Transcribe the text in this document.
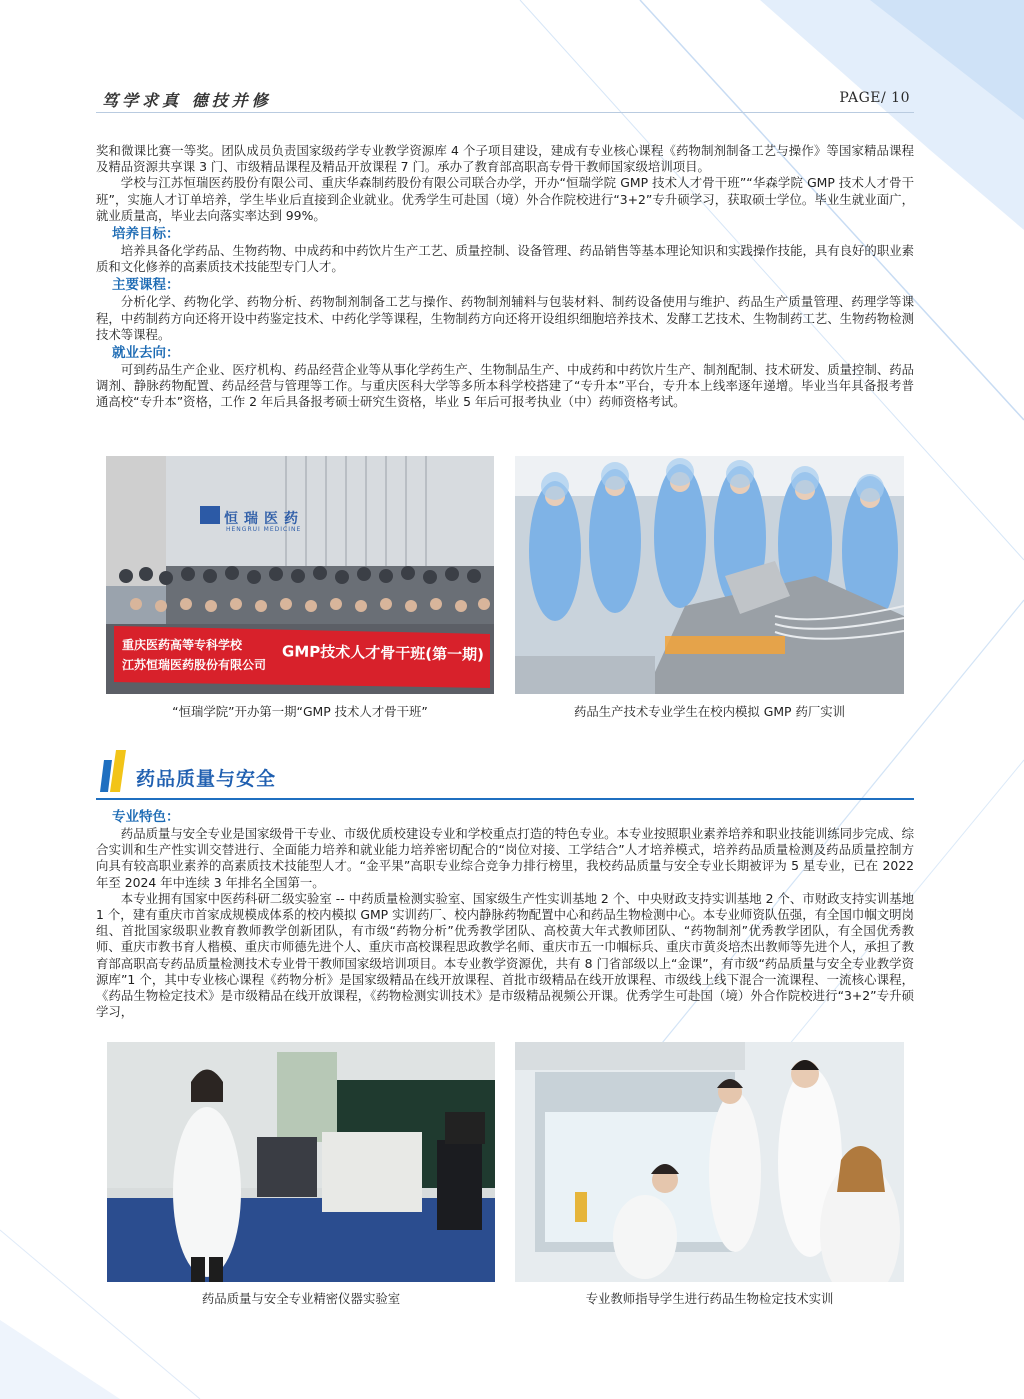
笃学求真 德技并修	PAGE/ 10

奖和微课比赛一等奖。团队成员负责国家级药学专业教学资源库 4 个子项目建设，建成有专业核心课程《药物制剂制备工艺与操作》等国家精品课程及精品资源共享课 3 门、市级精品课程及精品开放课程 7 门。承办了教育部高职高专骨干教师国家级培训项目。

学校与江苏恒瑞医药股份有限公司、重庆华森制药股份有限公司联合办学，开办“恒瑞学院 GMP 技术人才骨干班”“华森学院 GMP 技术人才骨干班”，实施人才订单培养，学生毕业后直接到企业就业。优秀学生可赴国（境）外合作院校进行“3+2”专升硕学习，获取硕士学位。毕业生就业面广，就业质量高，毕业去向落实率达到 99%。

培养目标：

培养具备化学药品、生物药物、中成药和中药饮片生产工艺、质量控制、设备管理、药品销售等基本理论知识和实践操作技能，具有良好的职业素质和文化修养的高素质技术技能型专门人才。

主要课程：

分析化学、药物化学、药物分析、药物制剂制备工艺与操作、药物制剂辅料与包装材料、制药设备使用与维护、药品生产质量管理、药理学等课程，中药制药方向还将开设中药鉴定技术、中药化学等课程，生物制药方向还将开设组织细胞培养技术、发酵工艺技术、生物制药工艺、生物药物检测技术等课程。

就业去向：

可到药品生产企业、医疗机构、药品经营企业等从事化学药生产、生物制品生产、中成药和中药饮片生产、制剂配制、技术研发、质量控制、药品调剂、静脉药物配置、药品经营与管理等工作。与重庆医科大学等多所本科学校搭建了“专升本”平台，专升本上线率逐年递增。毕业当年具备报考普通高校“专升本”资格，工作 2 年后具备报考硕士研究生资格，毕业 5 年后可报考执业（中）药师资格考试。

恒瑞医药
HENGRUI MEDICINE
重庆医药高等专科学校
江苏恒瑞医药股份有限公司
GMP技术人才骨干班(第一期)
“恒瑞学院”开办第一期“GMP 技术人才骨干班”	药品生产技术专业学生在校内模拟 GMP 药厂实训
药品质量与安全
专业特色：

药品质量与安全专业是国家级骨干专业、市级优质校建设专业和学校重点打造的特色专业。本专业按照职业素养培养和职业技能训练同步完成、综合实训和生产性实训交替进行、全面能力培养和就业能力培养密切配合的“岗位对接、工学结合”人才培养模式，培养药品质量检测及药品质量控制方向具有较高职业素养的高素质技术技能型人才。“金平果”高职专业综合竞争力排行榜里，我校药品质量与安全专业长期被评为 5 星专业，已在 2022 年至 2024 年中连续 3 年排名全国第一。

本专业拥有国家中医药科研二级实验室 -- 中药质量检测实验室、国家级生产性实训基地 2 个、中央财政支持实训基地 2 个、市财政支持实训基地 1 个，建有重庆市首家成规模成体系的校内模拟 GMP 实训药厂、校内静脉药物配置中心和药品生物检测中心。本专业师资队伍强，有全国巾帼文明岗组、首批国家级职业教育教师教学创新团队，有市级“药物分析”优秀教学团队、高校黄大年式教师团队、“药物制剂”优秀教学团队，有全国优秀教师、重庆市教书育人楷模、重庆市师德先进个人、重庆市高校课程思政教学名师、重庆市五一巾帼标兵、重庆市黄炎培杰出教师等先进个人，承担了教育部高职高专药品质量检测技术专业骨干教师国家级培训项目。本专业教学资源优，共有 8 门省部级以上“金课”，有市级“药品质量与安全专业教学资源库”1 个，其中专业核心课程《药物分析》是国家级精品在线开放课程、首批市级精品在线开放课程、市级线上线下混合一流课程、一流核心课程，《药品生物检定技术》是市级精品在线开放课程，《药物检测实训技术》是市级精品视频公开课。优秀学生可赴国（境）外合作院校进行“3+2”专升硕学习，

药品质量与安全专业精密仪器实验室	专业教师指导学生进行药品生物检定技术实训
